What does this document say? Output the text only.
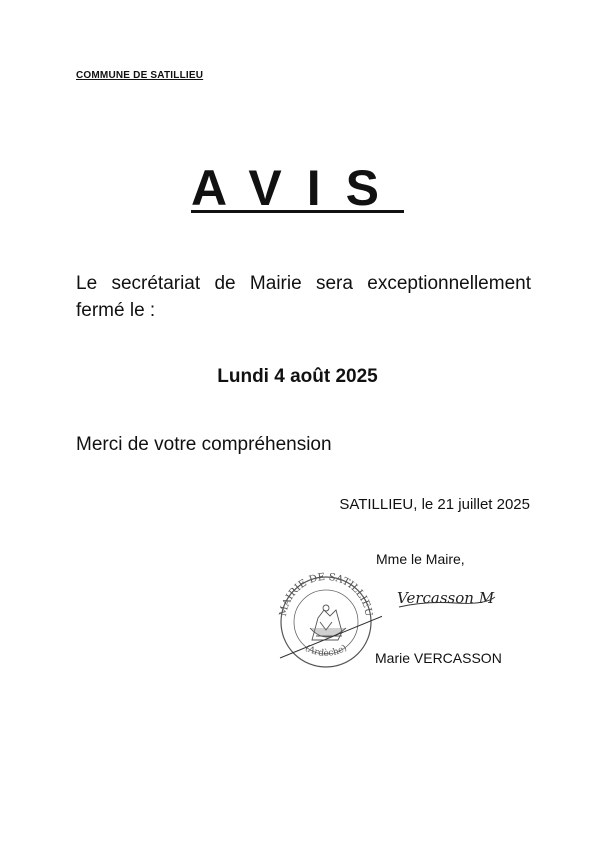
COMMUNE DE SATILLIEU
AVIS
Le secrétariat de Mairie sera exceptionnellement fermé le :
Lundi 4 août 2025
Merci de votre compréhension
SATILLIEU, le 21 juillet 2025
Mme le Maire,
MAIRIE DE SATILLIEU
(Ardèche)
Vercasson M
Marie VERCASSON
